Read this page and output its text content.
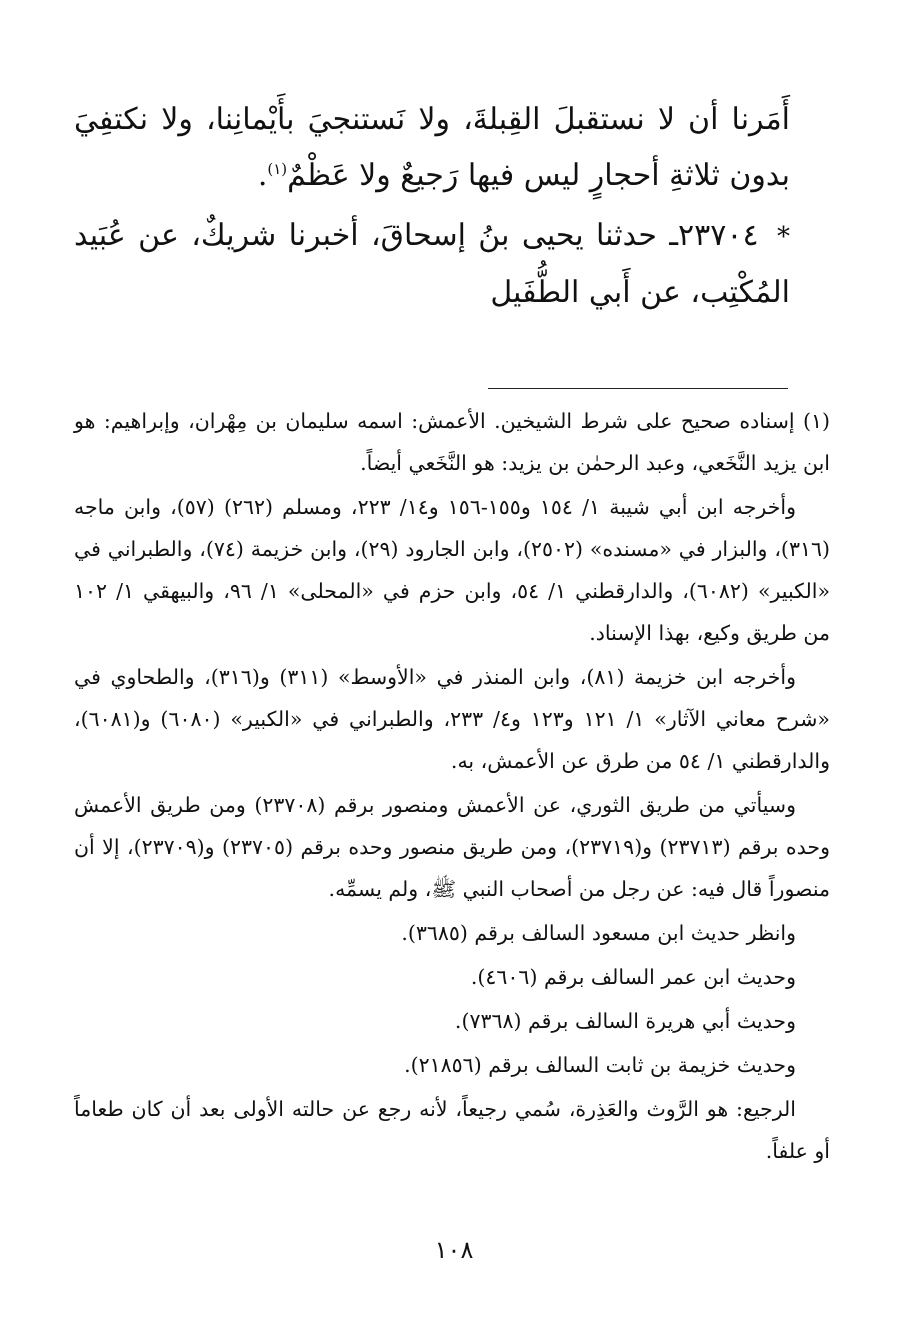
أَمَرنا أن لا نستقبلَ القِبلةَ، ولا نَستنجيَ بأَيْمانِنا، ولا نكتفِيَ بدون ثلاثةِ أحجارٍ ليس فيها رَجيعٌ ولا عَظْمٌ$^{(١)}$.

* ٢٣٧٠٤ـ حدثنا يحيى بنُ إسحاقَ، أخبرنا شريكٌ، عن عُبَيد المُكْتِب، عن أَبي الطُّفَيل

(١) إسناده صحيح على شرط الشيخين. الأعمش: اسمه سليمان بن مِهْران، وإبراهيم: هو ابن يزيد النَّخَعي، وعبد الرحمٰن بن يزيد: هو النَّخَعي أيضاً.

وأخرجه ابن أبي شيبة ١/ ١٥٤ و١٥٥-١٥٦ و١٤/ ٢٢٣، ومسلم (٢٦٢) (٥٧)، وابن ماجه (٣١٦)، والبزار في «مسنده» (٢٥٠٢)، وابن الجارود (٢٩)، وابن خزيمة (٧٤)، والطبراني في «الكبير» (٦٠٨٢)، والدارقطني ١/ ٥٤، وابن حزم في «المحلى» ١/ ٩٦، والبيهقي ١/ ١٠٢ من طريق وكيع، بهذا الإسناد.

وأخرجه ابن خزيمة (٨١)، وابن المنذر في «الأوسط» (٣١١) و(٣١٦)، والطحاوي في «شرح معاني الآثار» ١/ ١٢١ و١٢٣ و٤/ ٢٣٣، والطبراني في «الكبير» (٦٠٨٠) و(٦٠٨١)، والدارقطني ١/ ٥٤ من طرق عن الأعمش، به.

وسيأتي من طريق الثوري، عن الأعمش ومنصور برقم (٢٣٧٠٨) ومن طريق الأعمش وحده برقم (٢٣٧١٣) و(٢٣٧١٩)، ومن طريق منصور وحده برقم (٢٣٧٠٥) و(٢٣٧٠٩)، إلا أن منصوراً قال فيه: عن رجل من أصحاب النبي ﷺ، ولم يسمِّه.

وانظر حديث ابن مسعود السالف برقم (٣٦٨٥).

وحديث ابن عمر السالف برقم (٤٦٠٦).

وحديث أبي هريرة السالف برقم (٧٣٦٨).

وحديث خزيمة بن ثابت السالف برقم (٢١٨٥٦).

الرجيع: هو الرَّوث والعَذِرة، سُمي رجيعاً، لأنه رجع عن حالته الأولى بعد أن كان طعاماً أو علفاً.

١٠٨
